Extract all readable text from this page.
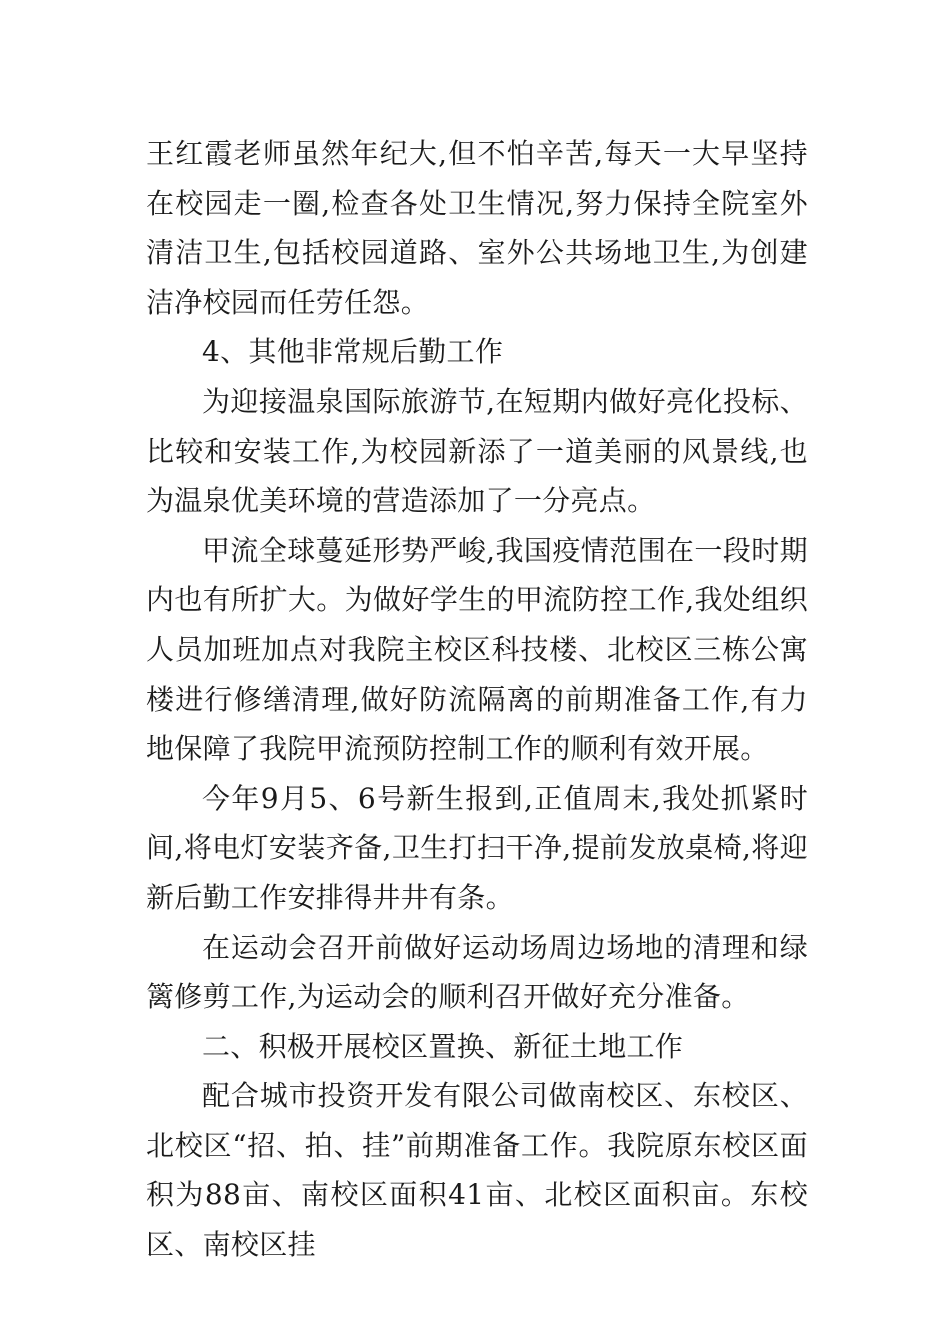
王红霞老师虽然年纪大,但不怕辛苦,每天一大早坚持在校园走一圈,检查各处卫生情况,努力保持全院室外清洁卫生,包括校园道路、室外公共场地卫生,为创建洁净校园而任劳任怨。

4、其他非常规后勤工作

为迎接温泉国际旅游节,在短期内做好亮化投标、比较和安装工作,为校园新添了一道美丽的风景线,也为温泉优美环境的营造添加了一分亮点。

甲流全球蔓延形势严峻,我国疫情范围在一段时期内也有所扩大。为做好学生的甲流防控工作,我处组织人员加班加点对我院主校区科技楼、北校区三栋公寓楼进行修缮清理,做好防流隔离的前期准备工作,有力地保障了我院甲流预防控制工作的顺利有效开展。

今年9月5、6号新生报到,正值周末,我处抓紧时间,将电灯安装齐备,卫生打扫干净,提前发放桌椅,将迎新后勤工作安排得井井有条。

在运动会召开前做好运动场周边场地的清理和绿篱修剪工作,为运动会的顺利召开做好充分准备。

二、积极开展校区置换、新征土地工作

配合城市投资开发有限公司做南校区、东校区、北校区“招、拍、挂”前期准备工作。我院原东校区面积为88亩、南校区面积41亩、北校区面积亩。东校区、南校区挂
